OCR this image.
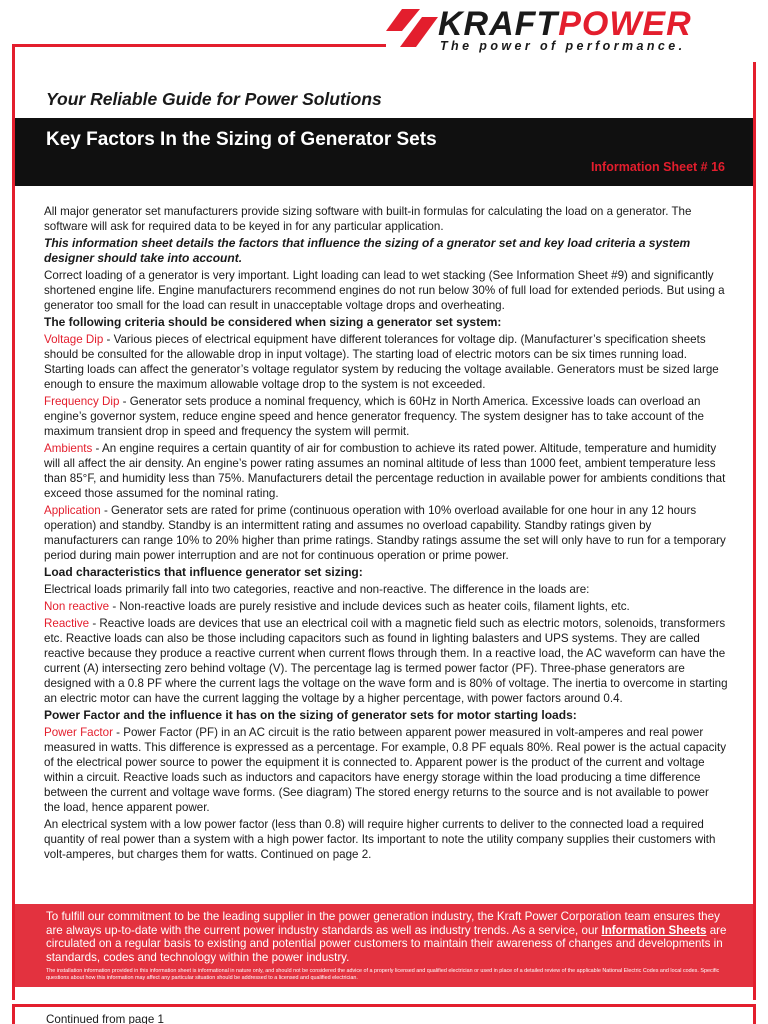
KRAFTPOWER
The power of performance.
Your Reliable Guide for Power Solutions
Key Factors In the Sizing of Generator Sets
Information Sheet # 16

All major generator set manufacturers provide sizing software with built-in formulas for calculating the load on a generator. The software will ask for required data to be keyed in for any particular application.

This information sheet details the factors that influence the sizing of a gnerator set and key load criteria a system designer should take into account.

Correct loading of a generator is very important. Light loading can lead to wet stacking (See Information Sheet #9) and significantly shortened engine life. Engine manufacturers recommend engines do not run below 30% of full load for extended periods. But using a generator too small for the load can result in unacceptable voltage drops and overheating.

The following criteria should be considered when sizing a generator set system:

Voltage Dip - Various pieces of electrical equipment have different tolerances for voltage dip. (Manufacturer’s specification sheets should be consulted for the allowable drop in input voltage). The starting load of electric motors can be six times running load. Starting loads can affect the generator’s voltage regulator system by reducing the voltage available. Generators must be sized large enough to ensure the maximum allowable voltage drop to the system is not exceeded.

Frequency Dip - Generator sets produce a nominal frequency, which is 60Hz in North America. Excessive loads can overload an engine’s governor system, reduce engine speed and hence generator frequency. The system designer has to take account of the maximum transient drop in speed and frequency the system will permit.

Ambients - An engine requires a certain quantity of air for combustion to achieve its rated power. Altitude, temperature and humidity will all affect the air density. An engine’s power rating assumes an nominal altitude of less than 1000 feet, ambient temperature less than 85°F, and humidity less than 75%. Manufacturers detail the percentage reduction in available power for ambients conditions that exceed those assumed for the nominal rating.

Application - Generator sets are rated for prime (continuous operation with 10% overload available for one hour in any 12 hours operation) and standby. Standby is an intermittent rating and assumes no overload capability. Standby ratings given by manufacturers can range 10% to 20% higher than prime ratings. Standby ratings assume the set will only have to run for a temporary period during main power interruption and are not for continuous operation or prime power.

Load characteristics that influence generator set sizing:

Electrical loads primarily fall into two categories, reactive and non-reactive. The difference in the loads are:

Non reactive - Non-reactive loads are purely resistive and include devices such as heater coils, filament lights, etc.

Reactive - Reactive loads are devices that use an electrical coil with a magnetic field such as electric motors, solenoids, transformers etc. Reactive loads can also be those including capacitors such as found in lighting balasters and UPS systems. They are called reactive because they produce a reactive current when current flows through them. In a reactive load, the AC waveform can have the current (A) intersecting zero behind voltage (V). The percentage lag is termed power factor (PF). Three-phase generators are designed with a 0.8 PF where the current lags the voltage on the wave form and is 80% of voltage. The inertia to overcome in starting an electric motor can have the current lagging the voltage by a higher percentage, with power factors around 0.4.

Power Factor and the influence it has on the sizing of generator sets for motor starting loads:

Power Factor - Power Factor (PF) in an AC circuit is the ratio between apparent power measured in volt-amperes and real power measured in watts. This difference is expressed as a percentage. For example, 0.8 PF equals 80%. Real power is the actual capacity of the electrical power source to power the equipment it is connected to. Apparent power is the product of the current and voltage within a circuit. Reactive loads such as inductors and capacitors have energy storage within the load producing a time difference between the current and voltage wave forms. (See diagram) The stored energy returns to the source and is not available to power the load, hence apparent power.

An electrical system with a low power factor (less than 0.8) will require higher currents to deliver to the connected load a required quantity of real power than a system with a high power factor. Its important to note the utility company supplies their customers with volt-amperes, but charges them for watts. Continued on page 2.

To fulfill our commitment to be the leading supplier in the power generation industry, the Kraft Power Corporation team ensures they are always up-to-date with the current power industry standards as well as industry trends. As a service, our Information Sheets are circulated on a regular basis to existing and potential power customers to maintain their awareness of changes and developments in standards, codes and technology within the power industry.
The installation information provided in this information sheet is informational in nature only, and should not be considered the advice of a properly licensed and qualified electrician or used in place of a detailed review of the applicable National Electric Codes and local codes. Specific questions about how this information may affect any particular situation should be addressed to a licensed and qualified electrician.
Continued from page 1
